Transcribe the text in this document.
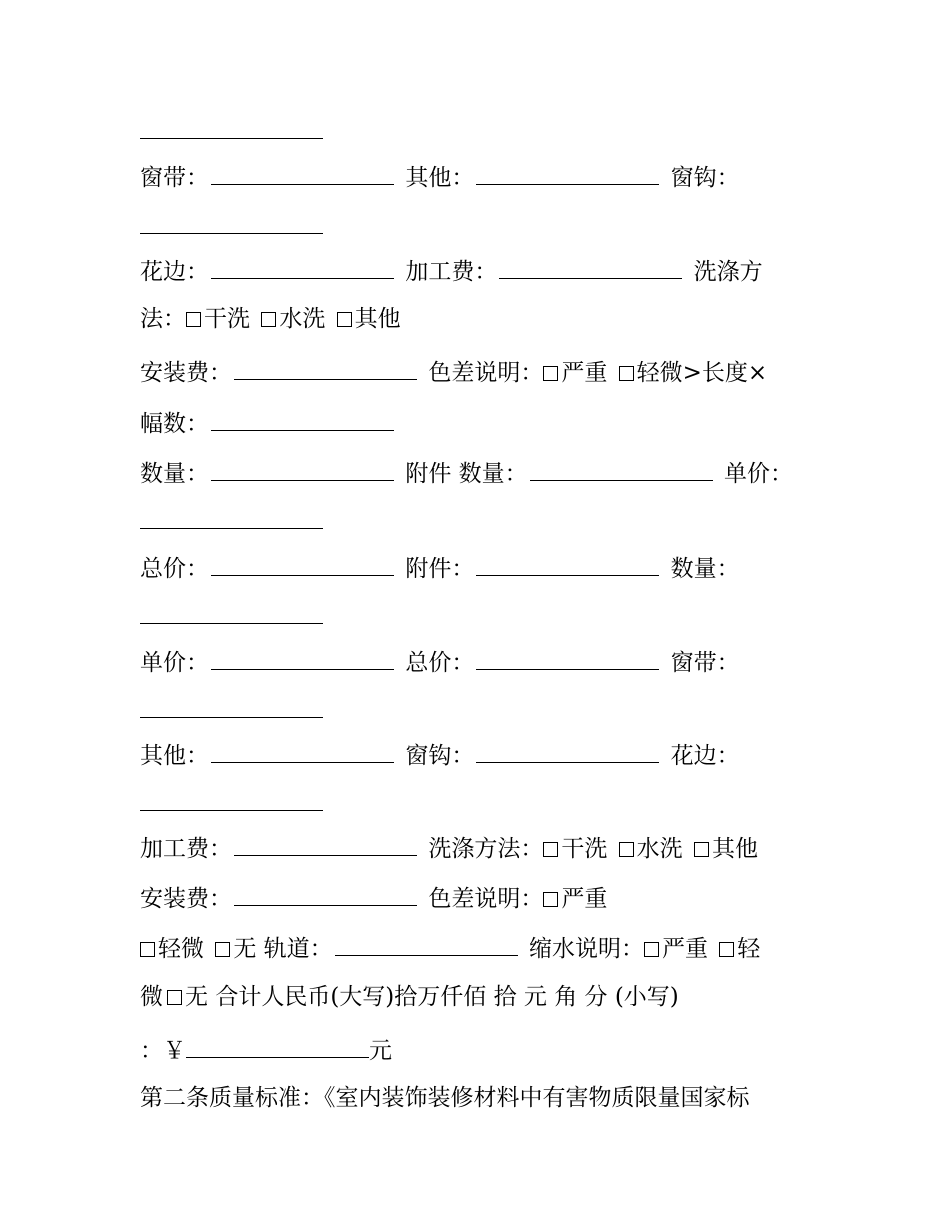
窗带：	其他：	窗钩：
花边：	加工费：	洗涤方
法： 干洗 水洗 其他
安装费：	色差说明： 严重 轻微>长度×
幅数：
数量：	附件 数量：	单价：
总价：	附件：	数量：
单价：	总价：	窗带：
其他：	窗钩：	花边：
加工费：	洗涤方法： 干洗 水洗 其他
安装费：	色差说明： 严重
轻微 无 轨道：	缩水说明： 严重 轻
微 无 合计人民币(大写)拾万仟佰 拾 元 角 分 (小写)
：￥	元
第二条质量标准：《室内装饰装修材料中有害物质限量国家标
